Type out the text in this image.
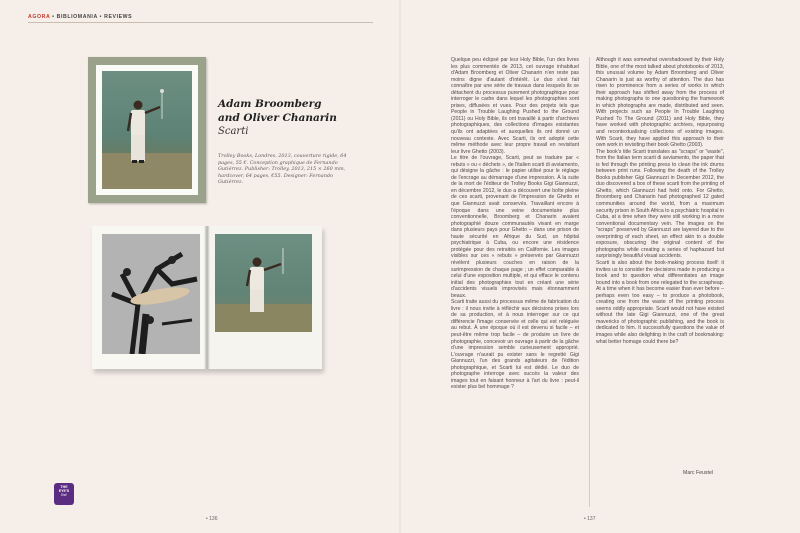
AGORA • BIBLIOMANIA • REVIEWS
Adam Broomberg
and Oliver Chanarin
Scarti
Trolley Books, Londres, 2013, couverture rigide, 64 pages, 55 €. Conception graphique de Fernando Gutiérrez. Publisher: Trolley, 2013, 215 × 260 mm, hardcover, 64 pages, €55. Designer: Fernando Gutiérrez.
THE
EYE'S
list
• 136	• 137

Quelque peu éclipsé par leur Holy Bible, l'un des livres les plus commentés de 2013, cet ouvrage inhabituel d'Adam Broomberg et Oliver Chanarin n'en reste pas moins digne d'autant d'intérêt. Le duo s'est fait connaître par une série de travaux dans lesquels ils se détachent du processus purement photographique pour interroger le cadre dans lequel les photographies sont prises, diffusées et vues. Pour des projets tels que People in Trouble Laughing Pushed to the Ground (2011) ou Holy Bible, ils ont travaillé à partir d'archives photographiques, des collections d'images existantes qu'ils ont adaptées et auxquelles ils ont donné un nouveau contexte. Avec Scarti, ils ont adopté cette même méthode avec leur propre travail en revisitant leur livre Ghetto (2003).

Le titre de l'ouvrage, Scarti, peut se traduire par « rebuts » ou « déchets », de l'italien scarti di avviamento, qui désigne la gâche : le papier utilisé pour le réglage de l'encrage au démarrage d'une impression. À la suite de la mort de l'éditeur de Trolley Books Gigi Giannuzzi, en décembre 2012, le duo a découvert une boîte pleine de ces scarti, provenant de l'impression de Ghetto et que Giannuzzi avait conservés. Travaillant encore à l'époque dans une veine documentaire plus conventionnelle, Broomberg et Chanarin avaient photographié douze communautés vivant en marge dans plusieurs pays pour Ghetto – dans une prison de haute sécurité en Afrique du Sud, un hôpital psychiatrique à Cuba, ou encore une résidence protégée pour des retraités en Californie. Les images visibles sur ces « rebuts » préservés par Giannuzzi révèlent plusieurs couches en raison de la surimpression de chaque page ; un effet comparable à celui d'une exposition multiple, et qui efface le contenu initial des photographies tout en créant une série d'accidents visuels improvisés mais étonnamment beaux.

Scarti traite aussi du processus même de fabrication du livre : il nous invite à réfléchir aux décisions prises lors de sa production, et à nous interroger sur ce qui différencie l'image conservée et celle qui est reléguée au rebut. À une époque où il est devenu si facile – et peut-être même trop facile – de produire un livre de photographie, concevoir un ouvrage à partir de la gâche d'une impression semble curieusement approprié. L'ouvrage n'aurait pu exister sans le regretté Gigi Giannuzzi, l'un des grands agitateurs de l'édition photographique, et Scarti lui est dédié. Le duo de photographe interroge avec succès la valeur des images tout en faisant honneur à l'art du livre : peut-il exister plus bel hommage ?

Although it was somewhat overshadowed by their Holy Bible, one of the most talked about photobooks of 2013, this unusual volume by Adam Broomberg and Oliver Chanarin is just as worthy of attention. The duo has risen to prominence from a series of works in which their approach has shifted away from the process of making photographs to one questioning the framework in which photographs are made, distributed and seen. With projects such as People In Trouble Laughing Pushed To The Ground (2011) and Holy Bible, they have worked with photographic archives, repurposing and recontextualising collections of existing images. With Scarti, they have applied this approach to their own work in revisiting their book Ghetto (2003).

The book's title Scarti translates as "scraps" or "waste", from the Italian term scarti di avviamento, the paper that is fed through the printing press to clean the ink drums between print runs. Following the death of the Trolley Books publisher Gigi Giannuzzi in December 2012, the duo discovered a box of these scarti from the printing of Ghetto, which Giannuzzi had held onto. For Ghetto, Broomberg and Chanarin had photographed 12 gated communities around the world, from a maximum security prison in South Africa to a psychiatric hospital in Cuba, at a time when they were still working in a more conventional documentary vein. The images on the "scraps" preserved by Giannuzzi are layered due to the overprinting of each sheet, an effect akin to a double exposure, obscuring the original content of the photographs while creating a series of haphazard but surprisingly beautiful visual accidents.

Scarti is also about the book-making process itself: it invites us to consider the decisions made in producing a book and to question what differentiates an image bound into a book from one relegated to the scrapheap. At a time when it has become easier than ever before – perhaps even too easy – to produce a photobook, creating one from the waste of the printing process seems oddly appropriate. Scarti would not have existed without the late Gigi Giannuzzi, one of the great mavericks of photographic publishing, and the book is dedicated to him. It successfully questions the value of images while also delighting in the craft of bookmaking: what better homage could there be?

Marc Feustel
